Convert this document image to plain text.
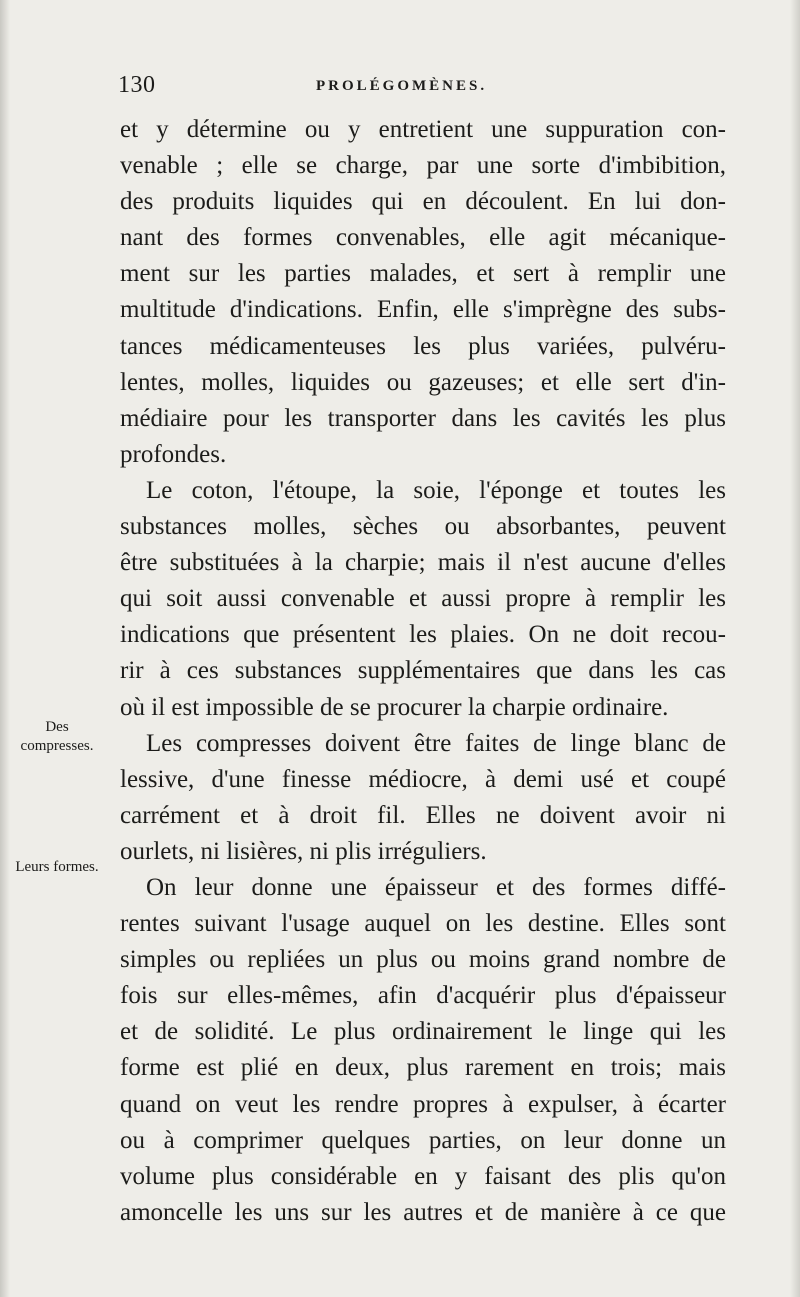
130	PROLÉGOMÈNES.
Des
compresses.
Leurs formes.
et y détermine ou y entretient une suppuration con-
venable ; elle se charge, par une sorte d'imbibition,
des produits liquides qui en découlent. En lui don-
nant des formes convenables, elle agit mécanique-
ment sur les parties malades, et sert à remplir une
multitude d'indications. Enfin, elle s'imprègne des subs-
tances médicamenteuses les plus variées, pulvéru-
lentes, molles, liquides ou gazeuses; et elle sert d'in-
médiaire pour les transporter dans les cavités les plus
profondes.
Le coton, l'étoupe, la soie, l'éponge et toutes les
substances molles, sèches ou absorbantes, peuvent
être substituées à la charpie; mais il n'est aucune d'elles
qui soit aussi convenable et aussi propre à remplir les
indications que présentent les plaies. On ne doit recou-
rir à ces substances supplémentaires que dans les cas
où il est impossible de se procurer la charpie ordinaire.
Les compresses doivent être faites de linge blanc de
lessive, d'une finesse médiocre, à demi usé et coupé
carrément et à droit fil. Elles ne doivent avoir ni
ourlets, ni lisières, ni plis irréguliers.
On leur donne une épaisseur et des formes diffé-
rentes suivant l'usage auquel on les destine. Elles sont
simples ou repliées un plus ou moins grand nombre de
fois sur elles-mêmes, afin d'acquérir plus d'épaisseur
et de solidité. Le plus ordinairement le linge qui les
forme est plié en deux, plus rarement en trois; mais
quand on veut les rendre propres à expulser, à écarter
ou à comprimer quelques parties, on leur donne un
volume plus considérable en y faisant des plis qu'on
amoncelle les uns sur les autres et de manière à ce que
